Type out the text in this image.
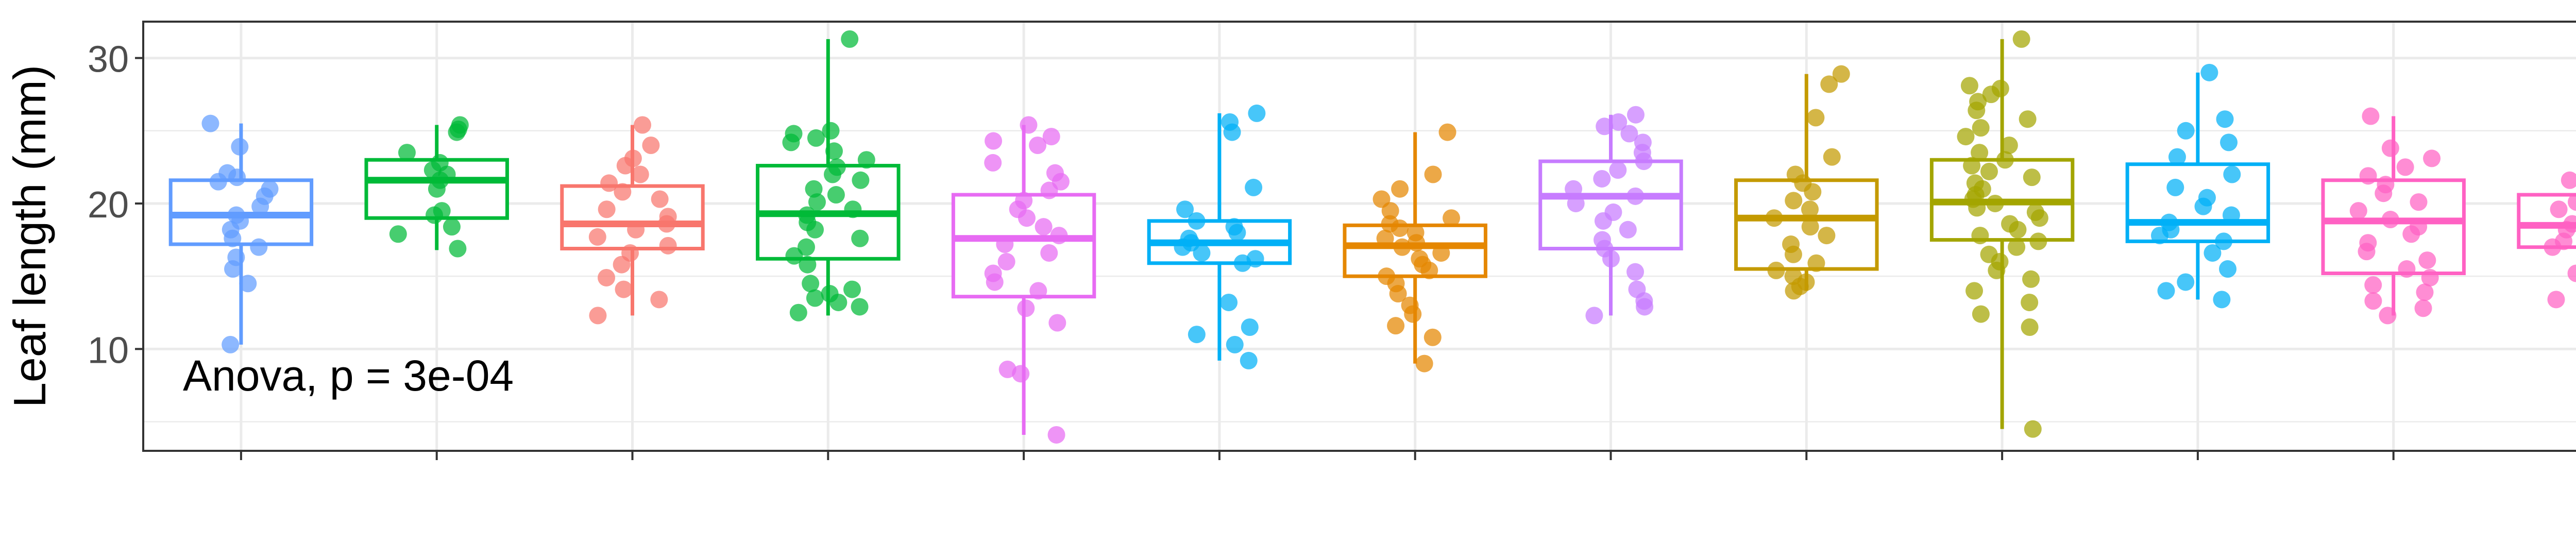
10
20
30
Anova, p = 3e-04
Leaf length (mm)
